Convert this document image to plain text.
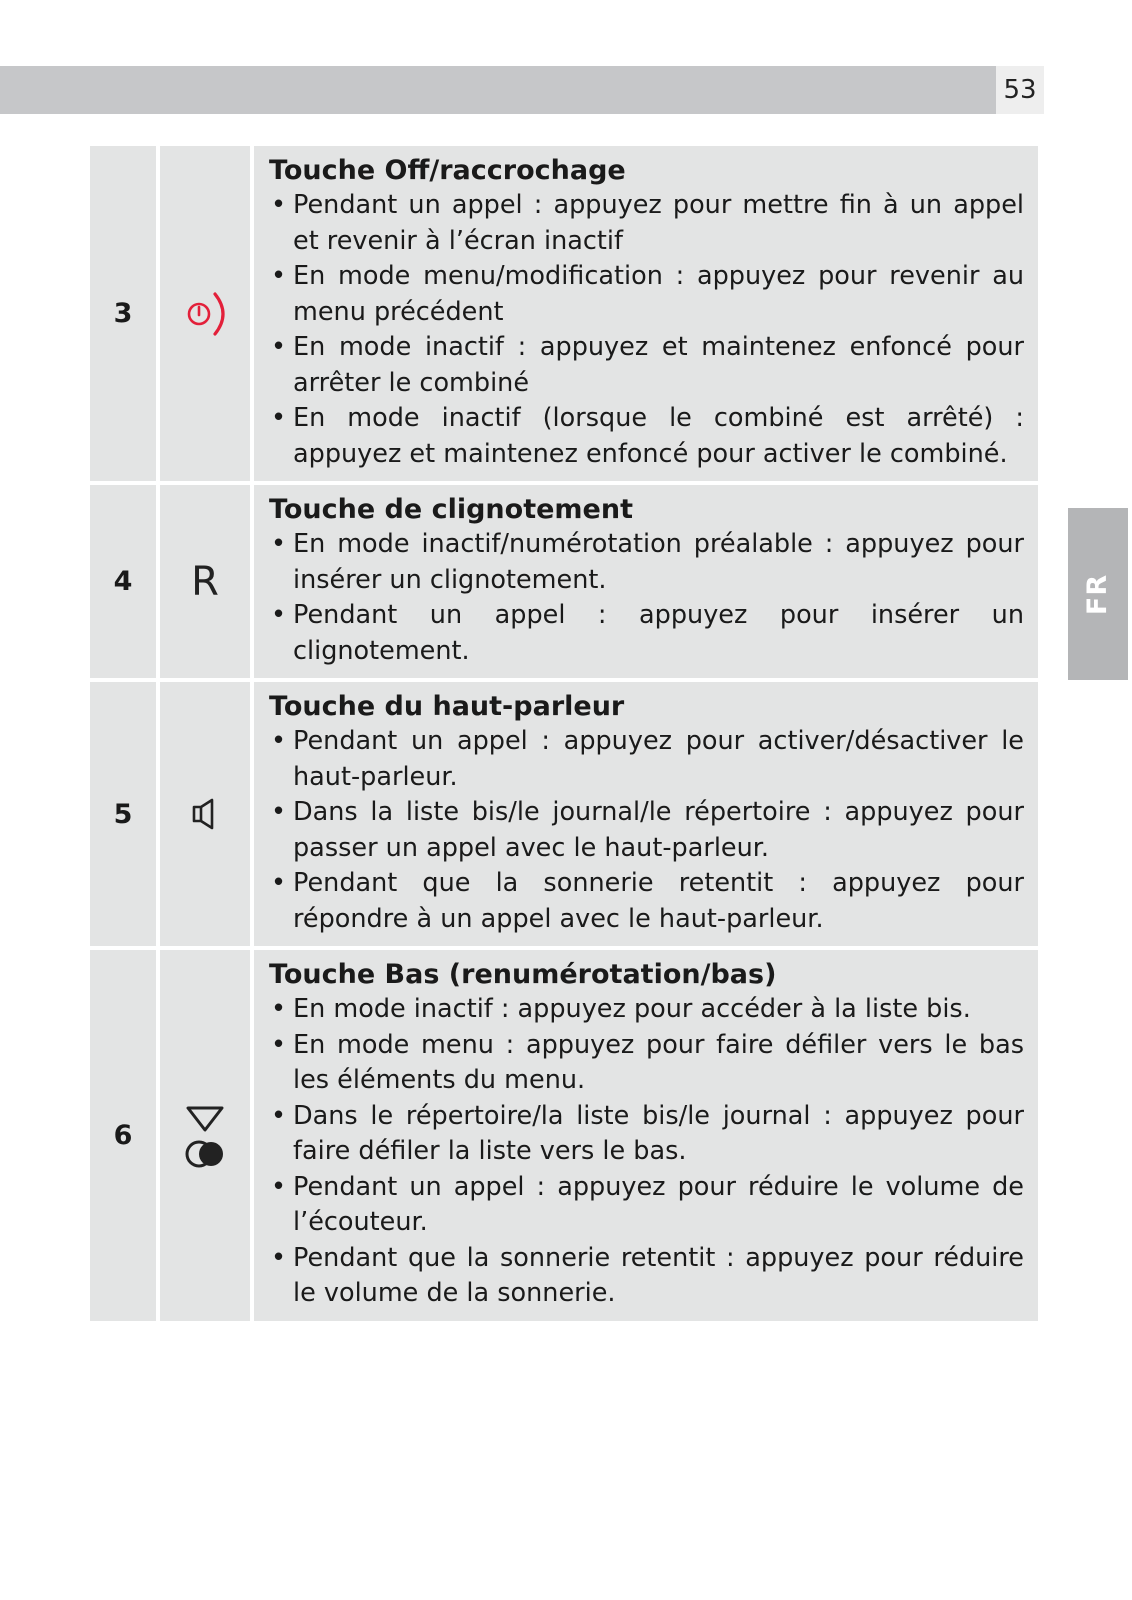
53
FR
3

Touche Off/raccrochage

• Pendant un appel : appuyez pour mettre fin à un appel et revenir à l’écran inactif
• En mode menu/modification : appuyez pour revenir au menu précédent
• En mode inactif : appuyez et maintenez enfoncé pour arrêter le combiné
• En mode inactif (lorsque le combiné est arrêté) : appuyez et maintenez enfoncé pour activer le combiné.
4	R

Touche de clignotement

• En mode inactif/numérotation préalable : appuyez pour insérer un clignotement.
• Pendant un appel : appuyez pour insérer un clignotement.
5

Touche du haut-parleur

• Pendant un appel : appuyez pour activer/désactiver le haut-parleur.
• Dans la liste bis/le journal/le répertoire : appuyez pour passer un appel avec le haut-parleur.
• Pendant que la sonnerie retentit : appuyez pour répondre à un appel avec le haut-parleur.
6

Touche Bas (renumérotation/bas)

• En mode inactif : appuyez pour accéder à la liste bis.
• En mode menu : appuyez pour faire défiler vers le bas les éléments du menu.
• Dans le répertoire/la liste bis/le journal : appuyez pour faire défiler la liste vers le bas.
• Pendant un appel : appuyez pour réduire le volume de l’écouteur.
• Pendant que la sonnerie retentit : appuyez pour réduire le volume de la sonnerie.
